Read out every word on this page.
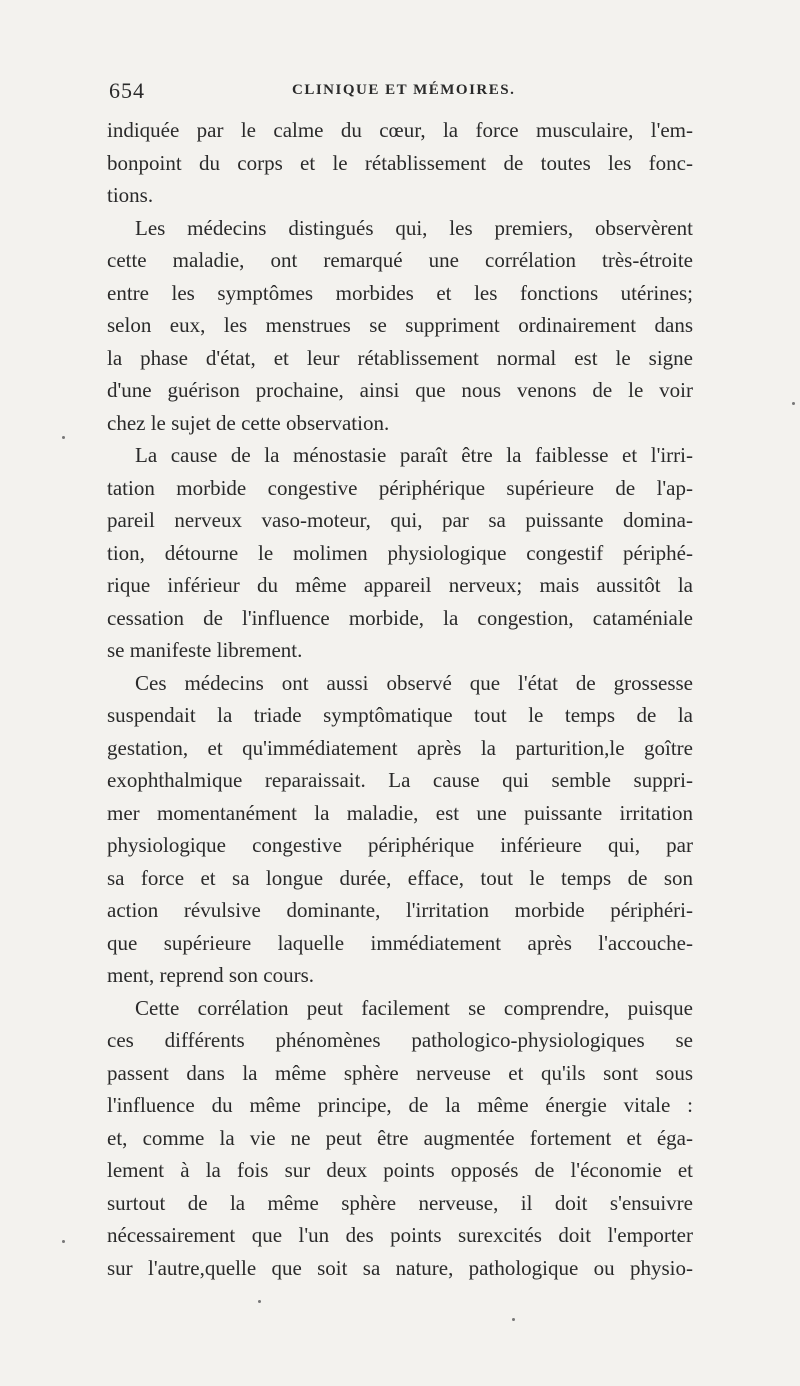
654	CLINIQUE ET MÉMOIRES.
indiquée par le calme du cœur, la force musculaire, l'em-
bonpoint du corps et le rétablissement de toutes les fonc-
tions.
Les médecins distingués qui, les premiers, observèrent
cette maladie, ont remarqué une corrélation très-étroite
entre les symptômes morbides et les fonctions utérines;
selon eux, les menstrues se suppriment ordinairement dans
la phase d'état, et leur rétablissement normal est le signe
d'une guérison prochaine, ainsi que nous venons de le voir
chez le sujet de cette observation.
La cause de la ménostasie paraît être la faiblesse et l'irri-
tation morbide congestive périphérique supérieure de l'ap-
pareil nerveux vaso-moteur, qui, par sa puissante domina-
tion, détourne le molimen physiologique congestif périphé-
rique inférieur du même appareil nerveux; mais aussitôt la
cessation de l'influence morbide, la congestion, cataméniale
se manifeste librement.
Ces médecins ont aussi observé que l'état de grossesse
suspendait la triade symptômatique tout le temps de la
gestation, et qu'immédiatement après la parturition,le goître
exophthalmique reparaissait. La cause qui semble suppri-
mer momentanément la maladie, est une puissante irritation
physiologique congestive périphérique inférieure qui, par
sa force et sa longue durée, efface, tout le temps de son
action révulsive dominante, l'irritation morbide périphéri-
que supérieure laquelle immédiatement après l'accouche-
ment, reprend son cours.
Cette corrélation peut facilement se comprendre, puisque
ces différents phénomènes pathologico-physiologiques se
passent dans la même sphère nerveuse et qu'ils sont sous
l'influence du même principe, de la même énergie vitale :
et, comme la vie ne peut être augmentée fortement et éga-
lement à la fois sur deux points opposés de l'économie et
surtout de la même sphère nerveuse, il doit s'ensuivre
nécessairement que l'un des points surexcités doit l'emporter
sur l'autre,quelle que soit sa nature, pathologique ou physio-
